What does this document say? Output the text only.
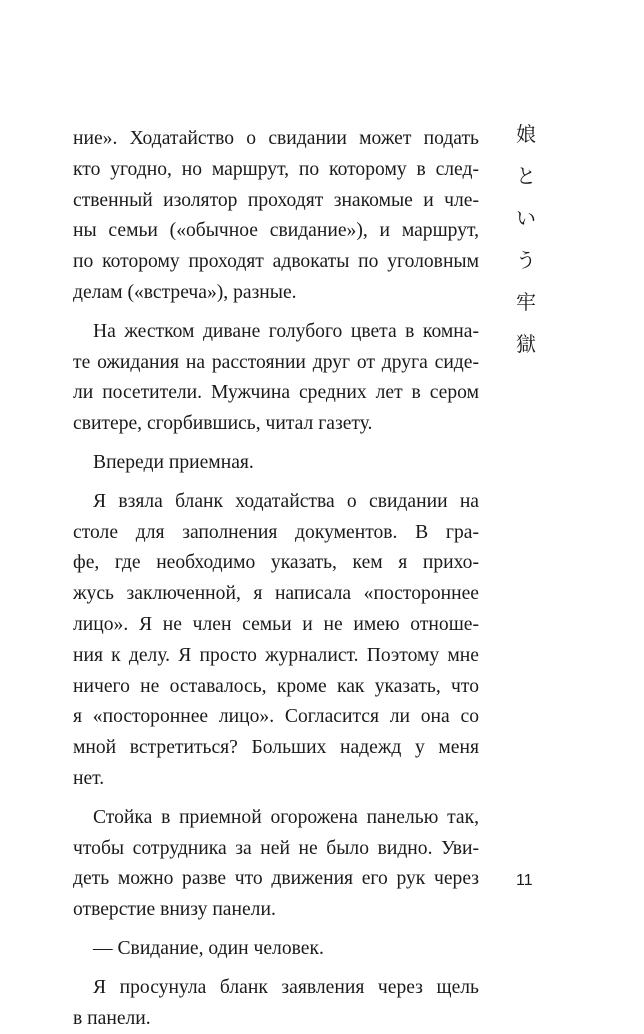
ние». Ходатайство о свидании может подать
кто угодно, но маршрут, по которому в след-
ственный изолятор проходят знакомые и чле-
ны семьи («обычное свидание»), и маршрут,
по которому проходят адвокаты по уголовным
делам («встреча»), разные.
На жестком диване голубого цвета в комна-
те ожидания на расстоянии друг от друга сиде-
ли посетители. Мужчина средних лет в сером
свитере, сгорбившись, читал газету.
Впереди приемная.
Я взяла бланк ходатайства о свидании на
столе для заполнения документов. В гра-
фе, где необходимо указать, кем я прихо-
жусь заключенной, я написала «постороннее
лицо». Я не член семьи и не имею отноше-
ния к делу. Я просто журналист. Поэтому мне
ничего не оставалось, кроме как указать, что
я «постороннее лицо». Согласится ли она со
мной встретиться? Больших надежд у меня
нет.
Стойка в приемной огорожена панелью так,
чтобы сотрудника за ней не было видно. Уви-
деть можно разве что движения его рук через
отверстие внизу панели.
— Свидание, один человек.
Я просунула бланк заявления через щель
в панели.
娘
と
い
う
牢
獄
11
